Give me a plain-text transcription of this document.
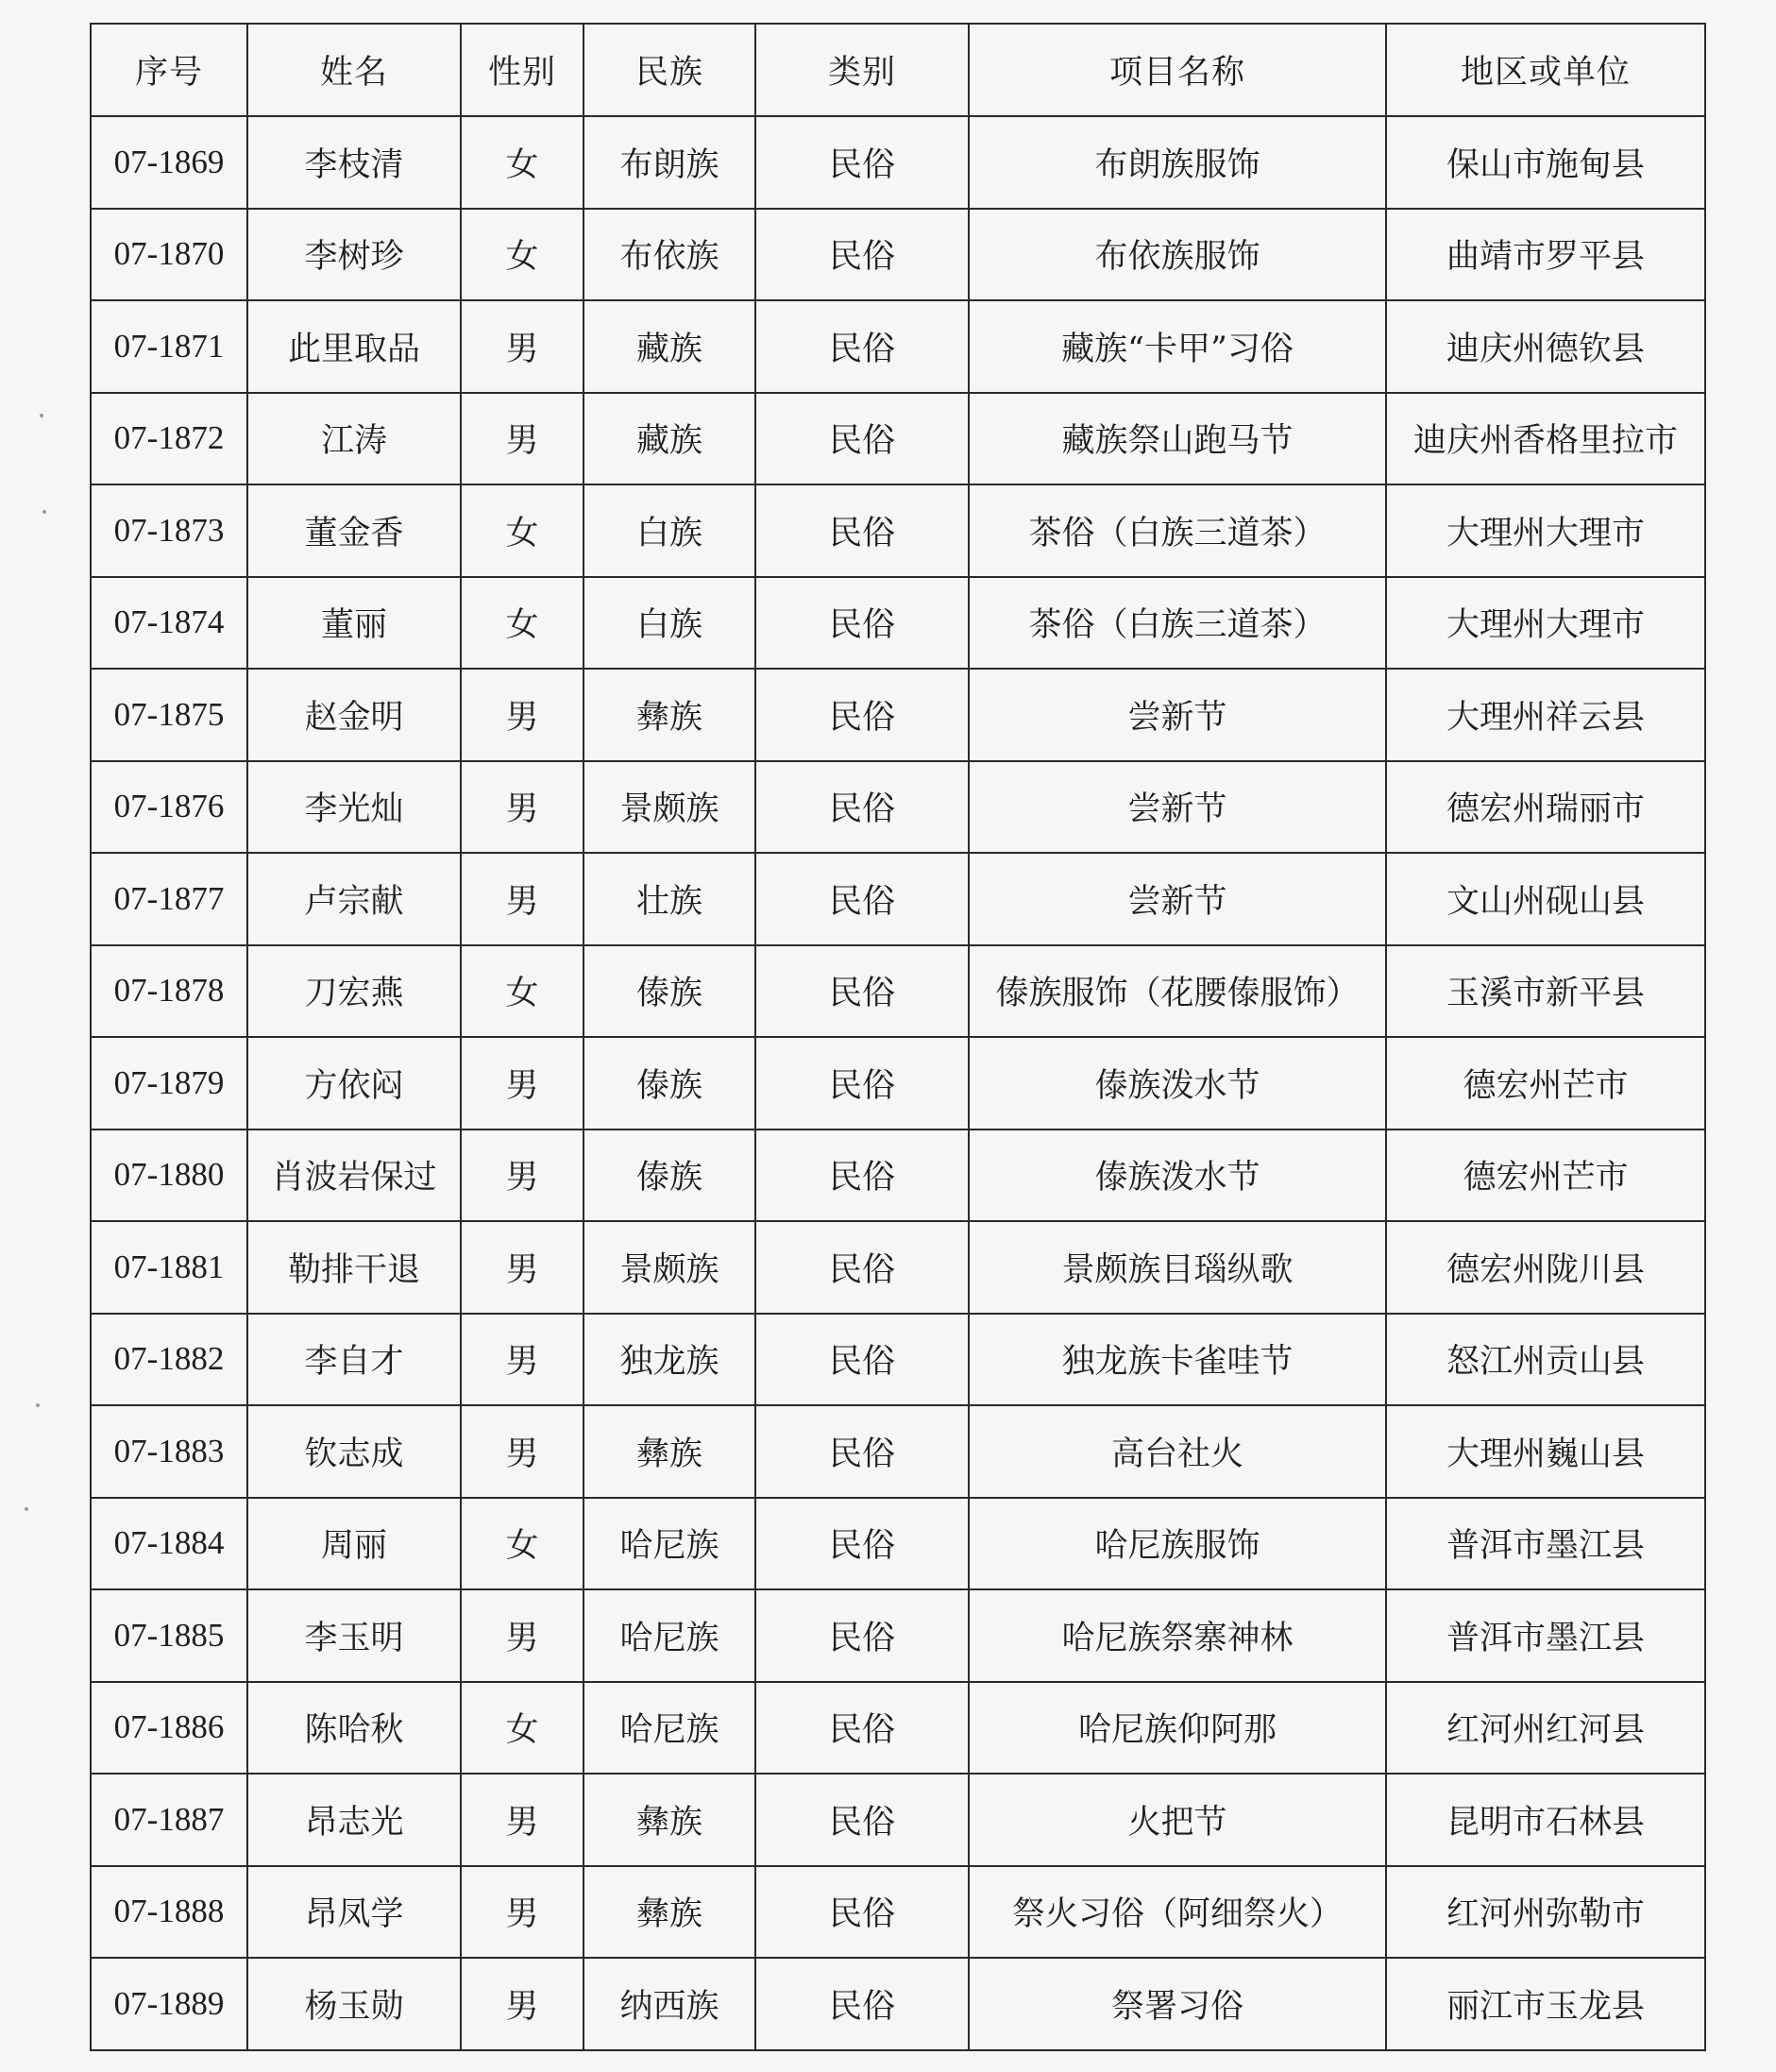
序号	姓名	性别	民族	类别	项目名称	地区或单位
07-1869	李枝清	女	布朗族	民俗	布朗族服饰	保山市施甸县
07-1870	李树珍	女	布依族	民俗	布依族服饰	曲靖市罗平县
07-1871	此里取品	男	藏族	民俗	藏族“卡甲”习俗	迪庆州德钦县
07-1872	江涛	男	藏族	民俗	藏族祭山跑马节	迪庆州香格里拉市
07-1873	董金香	女	白族	民俗	茶俗（白族三道茶）	大理州大理市
07-1874	董丽	女	白族	民俗	茶俗（白族三道茶）	大理州大理市
07-1875	赵金明	男	彝族	民俗	尝新节	大理州祥云县
07-1876	李光灿	男	景颇族	民俗	尝新节	德宏州瑞丽市
07-1877	卢宗献	男	壮族	民俗	尝新节	文山州砚山县
07-1878	刀宏燕	女	傣族	民俗	傣族服饰（花腰傣服饰）	玉溪市新平县
07-1879	方依闷	男	傣族	民俗	傣族泼水节	德宏州芒市
07-1880	肖波岩保过	男	傣族	民俗	傣族泼水节	德宏州芒市
07-1881	勒排干退	男	景颇族	民俗	景颇族目瑙纵歌	德宏州陇川县
07-1882	李自才	男	独龙族	民俗	独龙族卡雀哇节	怒江州贡山县
07-1883	钦志成	男	彝族	民俗	高台社火	大理州巍山县
07-1884	周丽	女	哈尼族	民俗	哈尼族服饰	普洱市墨江县
07-1885	李玉明	男	哈尼族	民俗	哈尼族祭寨神林	普洱市墨江县
07-1886	陈哈秋	女	哈尼族	民俗	哈尼族仰阿那	红河州红河县
07-1887	昂志光	男	彝族	民俗	火把节	昆明市石林县
07-1888	昂凤学	男	彝族	民俗	祭火习俗（阿细祭火）	红河州弥勒市
07-1889	杨玉勋	男	纳西族	民俗	祭署习俗	丽江市玉龙县
